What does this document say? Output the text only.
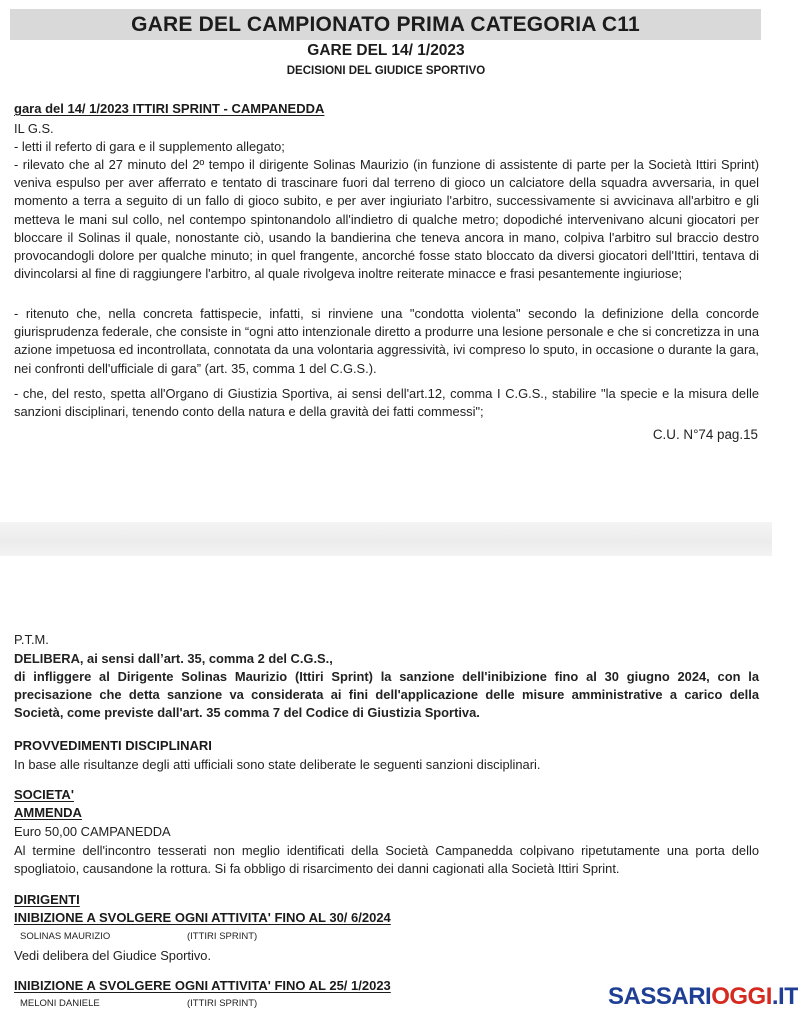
GARE DEL CAMPIONATO PRIMA CATEGORIA C11
GARE DEL 14/ 1/2023
DECISIONI DEL GIUDICE SPORTIVO
gara del 14/ 1/2023 ITTIRI SPRINT - CAMPANEDDA
IL G.S.
- letti il referto di gara e il supplemento allegato;
- rilevato che al 27 minuto del 2º tempo il dirigente Solinas Maurizio (in funzione di assistente di parte per la Società Ittiri Sprint) veniva espulso per aver afferrato e tentato di trascinare fuori dal terreno di gioco un calciatore della squadra avversaria, in quel momento a terra a seguito di un fallo di gioco subito, e per aver ingiuriato l'arbitro, successivamente si avvicinava all'arbitro e gli metteva le mani sul collo, nel contempo spintonandolo all'indietro di qualche metro; dopodiché intervenivano alcuni giocatori per bloccare il Solinas il quale, nonostante ciò, usando la bandierina che teneva ancora in mano, colpiva l'arbitro sul braccio destro provocandogli dolore per qualche minuto; in quel frangente, ancorché fosse stato bloccato da diversi giocatori dell'Ittiri, tentava di divincolarsi al fine di raggiungere l'arbitro, al quale rivolgeva inoltre reiterate minacce e frasi pesantemente ingiuriose;
- ritenuto che, nella concreta fattispecie, infatti, si rinviene una "condotta violenta" secondo la definizione della concorde giurisprudenza federale, che consiste in “ogni atto intenzionale diretto a produrre una lesione personale e che si concretizza in una azione impetuosa ed incontrollata, connotata da una volontaria aggressività, ivi compreso lo sputo, in occasione o durante la gara, nei confronti dell'ufficiale di gara” (art. 35, comma 1 del C.G.S.).
- che, del resto, spetta all'Organo di Giustizia Sportiva, ai sensi dell'art.12, comma I C.G.S., stabilire "la specie e la misura delle sanzioni disciplinari, tenendo conto della natura e della gravità dei fatti commessi";
C.U. N°74 pag.15
P.T.M.
DELIBERA, ai sensi dall’art. 35, comma 2 del C.G.S.,
di infliggere al Dirigente Solinas Maurizio (Ittiri Sprint) la sanzione dell'inibizione fino al 30 giugno 2024, con la precisazione che detta sanzione va considerata ai fini dell'applicazione delle misure amministrative a carico della Società, come previste dall'art. 35 comma 7 del Codice di Giustizia Sportiva.
PROVVEDIMENTI DISCIPLINARI
In base alle risultanze degli atti ufficiali sono state deliberate le seguenti sanzioni disciplinari.
SOCIETA'
AMMENDA
Euro 50,00 CAMPANEDDA
Al termine dell'incontro tesserati non meglio identificati della Società Campanedda colpivano ripetutamente una porta dello spogliatoio, causandone la rottura. Si fa obbligo di risarcimento dei danni cagionati alla Società Ittiri Sprint.
DIRIGENTI
INIBIZIONE A SVOLGERE OGNI ATTIVITA' FINO AL 30/ 6/2024
SOLINAS MAURIZIO	(ITTIRI SPRINT)
Vedi delibera del Giudice Sportivo.
INIBIZIONE A SVOLGERE OGNI ATTIVITA' FINO AL 25/ 1/2023
MELONI DANIELE	(ITTIRI SPRINT)	SASSARIOGGI.IT
